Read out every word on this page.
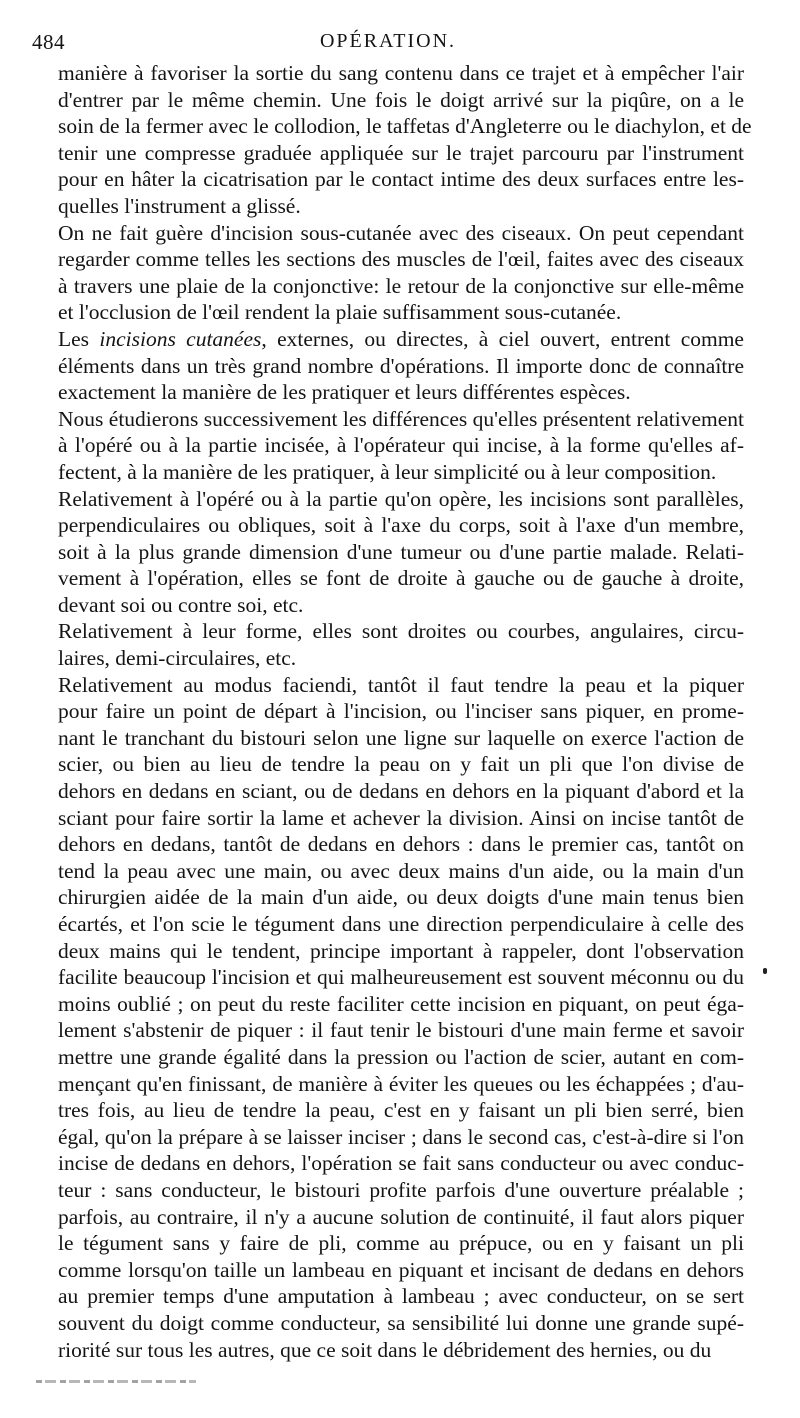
484	OPÉRATION.
manière à favoriser la sortie du sang contenu dans ce trajet et à empêcher l'air
d'entrer par le même chemin. Une fois le doigt arrivé sur la piqûre, on a le
soin de la fermer avec le collodion, le taffetas d'Angleterre ou le diachylon, et de
tenir une compresse graduée appliquée sur le trajet parcouru par l'instrument
pour en hâter la cicatrisation par le contact intime des deux surfaces entre les-
quelles l'instrument a glissé.
On ne fait guère d'incision sous-cutanée avec des ciseaux. On peut cependant
regarder comme telles les sections des muscles de l'œil, faites avec des ciseaux
à travers une plaie de la conjonctive: le retour de la conjonctive sur elle-même
et l'occlusion de l'œil rendent la plaie suffisamment sous-cutanée.
Les incisions cutanées, externes, ou directes, à ciel ouvert, entrent comme
éléments dans un très grand nombre d'opérations. Il importe donc de connaître
exactement la manière de les pratiquer et leurs différentes espèces.
Nous étudierons successivement les différences qu'elles présentent relativement
à l'opéré ou à la partie incisée, à l'opérateur qui incise, à la forme qu'elles af-
fectent, à la manière de les pratiquer, à leur simplicité ou à leur composition.
Relativement à l'opéré ou à la partie qu'on opère, les incisions sont parallèles,
perpendiculaires ou obliques, soit à l'axe du corps, soit à l'axe d'un membre,
soit à la plus grande dimension d'une tumeur ou d'une partie malade. Relati-
vement à l'opération, elles se font de droite à gauche ou de gauche à droite,
devant soi ou contre soi, etc.
Relativement à leur forme, elles sont droites ou courbes, angulaires, circu-
laires, demi-circulaires, etc.
Relativement au modus faciendi, tantôt il faut tendre la peau et la piquer
pour faire un point de départ à l'incision, ou l'inciser sans piquer, en prome-
nant le tranchant du bistouri selon une ligne sur laquelle on exerce l'action de
scier, ou bien au lieu de tendre la peau on y fait un pli que l'on divise de
dehors en dedans en sciant, ou de dedans en dehors en la piquant d'abord et la
sciant pour faire sortir la lame et achever la division. Ainsi on incise tantôt de
dehors en dedans, tantôt de dedans en dehors : dans le premier cas, tantôt on
tend la peau avec une main, ou avec deux mains d'un aide, ou la main d'un
chirurgien aidée de la main d'un aide, ou deux doigts d'une main tenus bien
écartés, et l'on scie le tégument dans une direction perpendiculaire à celle des
deux mains qui le tendent, principe important à rappeler, dont l'observation
facilite beaucoup l'incision et qui malheureusement est souvent méconnu ou du
moins oublié ; on peut du reste faciliter cette incision en piquant, on peut éga-
lement s'abstenir de piquer : il faut tenir le bistouri d'une main ferme et savoir
mettre une grande égalité dans la pression ou l'action de scier, autant en com-
mençant qu'en finissant, de manière à éviter les queues ou les échappées ; d'au-
tres fois, au lieu de tendre la peau, c'est en y faisant un pli bien serré, bien
égal, qu'on la prépare à se laisser inciser ; dans le second cas, c'est-à-dire si l'on
incise de dedans en dehors, l'opération se fait sans conducteur ou avec conduc-
teur : sans conducteur, le bistouri profite parfois d'une ouverture préalable ;
parfois, au contraire, il n'y a aucune solution de continuité, il faut alors piquer
le tégument sans y faire de pli, comme au prépuce, ou en y faisant un pli
comme lorsqu'on taille un lambeau en piquant et incisant de dedans en dehors
au premier temps d'une amputation à lambeau ; avec conducteur, on se sert
souvent du doigt comme conducteur, sa sensibilité lui donne une grande supé-
riorité sur tous les autres, que ce soit dans le débridement des hernies, ou du
